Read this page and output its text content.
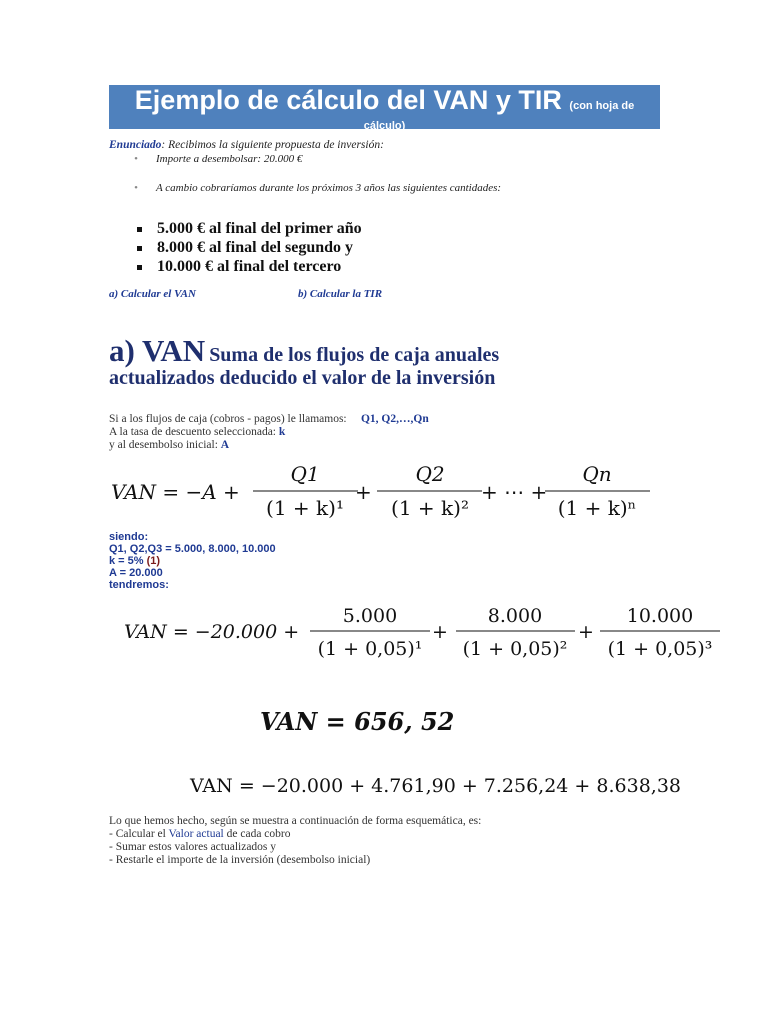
Ejemplo de cálculo del VAN y TIR (con hoja de
cálculo)
Enunciado: Recibimos la siguiente propuesta de inversión:
• Importe a desembolsar: 20.000 €
• A cambio cobraríamos durante los próximos 3 años las siguientes cantidades:
5.000 € al final del primer año
8.000 € al final del segundo y
10.000 € al final del tercero
a) Calcular el VAN	b) Calcular la TIR
a) VAN Suma de los flujos de caja anuales
actualizados deducido el valor de la inversión
Si a los flujos de caja (cobros - pagos) le llamamos: Q1, Q2,…,Qn
A la tasa de descuento seleccionada: k
y al desembolso inicial: A
VAN = −A +
Q1
(1 + k)¹
+
Q2
(1 + k)²
+ ⋯ +
Qn
(1 + k)ⁿ
siendo:
Q1, Q2,Q3 = 5.000, 8.000, 10.000
k = 5% (1)
A = 20.000
tendremos:
VAN = −20.000 +
5.000
(1 + 0,05)¹
+
8.000
(1 + 0,05)²
+
10.000
(1 + 0,05)³
VAN = 656, 52
VAN = −20.000 + 4.761,90 + 7.256,24 + 8.638,38
Lo que hemos hecho, según se muestra a continuación de forma esquemática, es:
- Calcular el Valor actual de cada cobro
- Sumar estos valores actualizados y
- Restarle el importe de la inversión (desembolso inicial)
